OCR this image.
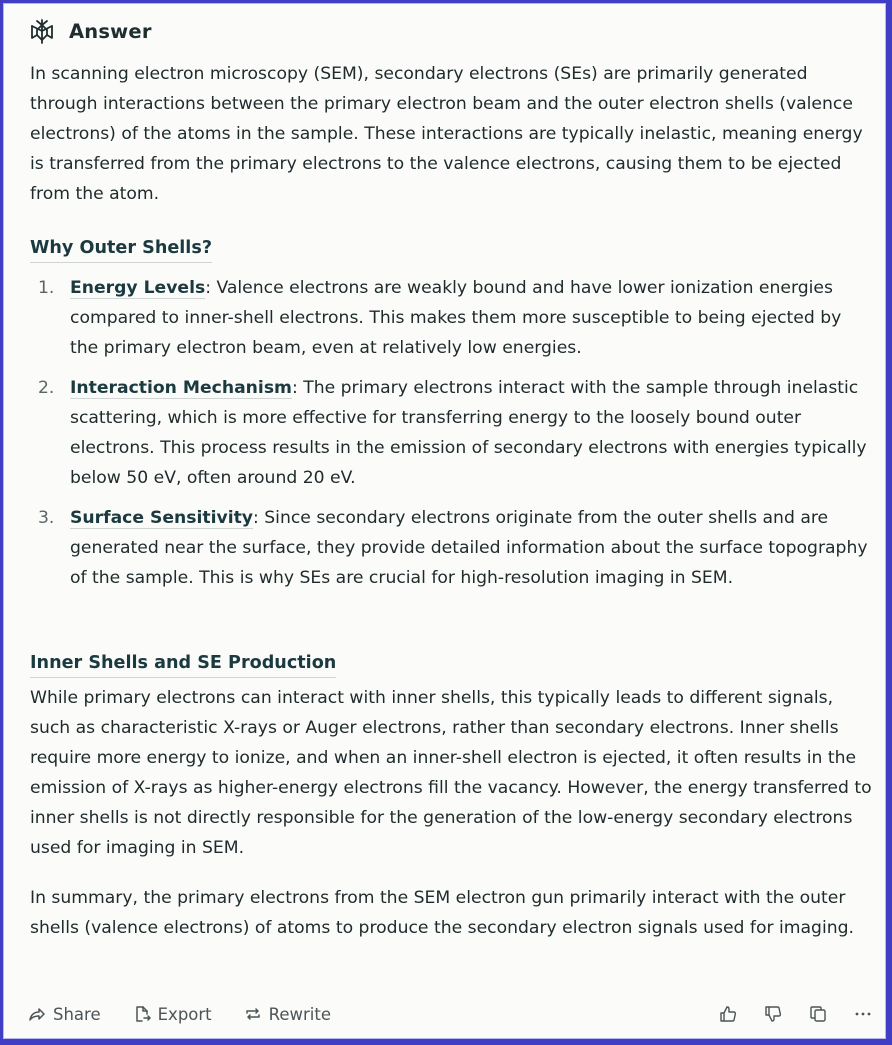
Answer

In scanning electron microscopy (SEM), secondary electrons (SEs) are primarily generated through interactions between the primary electron beam and the outer electron shells (valence electrons) of the atoms in the sample. These interactions are typically inelastic, meaning energy is transferred from the primary electrons to the valence electrons, causing them to be ejected from the atom.

Why Outer Shells?
1. Energy Levels: Valence electrons are weakly bound and have lower ionization energies compared to inner-shell electrons. This makes them more susceptible to being ejected by the primary electron beam, even at relatively low energies.
2. Interaction Mechanism: The primary electrons interact with the sample through inelastic scattering, which is more effective for transferring energy to the loosely bound outer electrons. This process results in the emission of secondary electrons with energies typically below 50 eV, often around 20 eV.
3. Surface Sensitivity: Since secondary electrons originate from the outer shells and are generated near the surface, they provide detailed information about the surface topography of the sample. This is why SEs are crucial for high-resolution imaging in SEM.
Inner Shells and SE Production

While primary electrons can interact with inner shells, this typically leads to different signals, such as characteristic X-rays or Auger electrons, rather than secondary electrons. Inner shells require more energy to ionize, and when an inner-shell electron is ejected, it often results in the emission of X-rays as higher-energy electrons fill the vacancy. However, the energy transferred to inner shells is not directly responsible for the generation of the low-energy secondary electrons used for imaging in SEM.

In summary, the primary electrons from the SEM electron gun primarily interact with the outer shells (valence electrons) of atoms to produce the secondary electron signals used for imaging.

Share	Export	Rewrite
